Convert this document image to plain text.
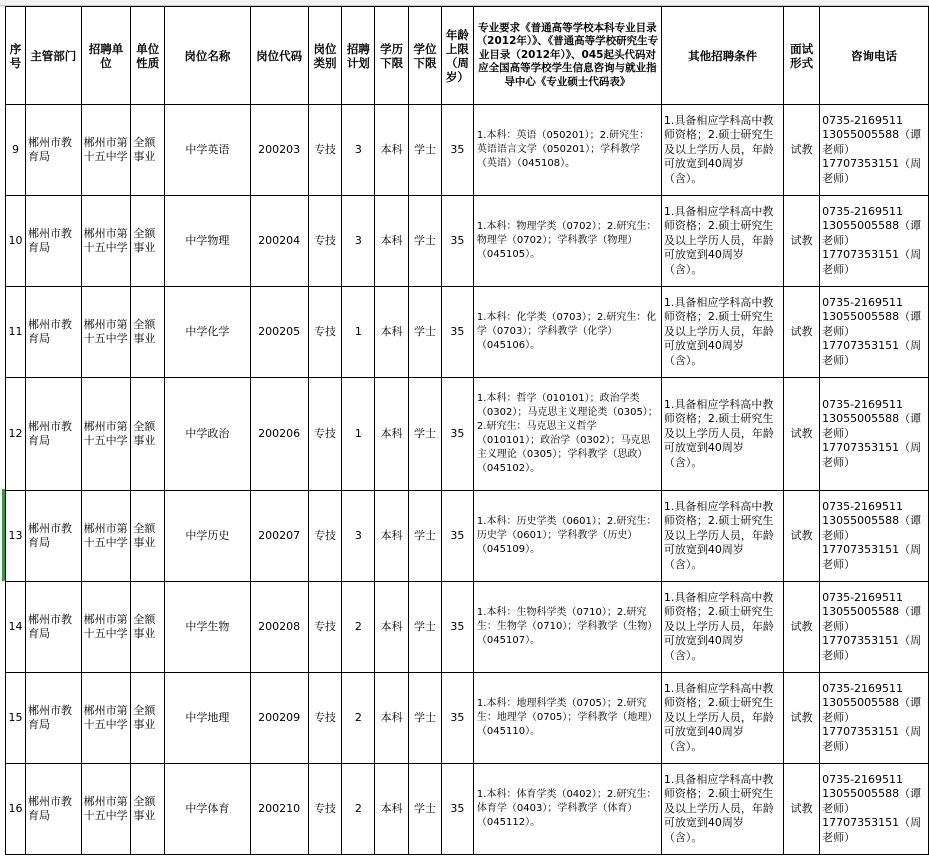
序号	主管部门	招聘单位	单位性质	岗位名称	岗位代码	岗位类别	招聘计划	学历下限	学位下限	年龄上限（周岁）	专业要求《普通高等学校本科专业目录（2012年）》、《普通高等学校研究生专业目录（2012年）》、045起头代码对应全国高等学校学生信息咨询与就业指导中心《专业硕士代码表》	其他招聘条件	面试形式	咨询电话
9	郴州市教育局	郴州市第十五中学	全额事业	中学英语	200203	专技	3	本科	学士	35	1.本科：英语（050201）；2.研究生：英语语言文学（050201）；学科教学（英语）（045108）。	1.具备相应学科高中教师资格；2.硕士研究生及以上学历人员，年龄可放宽到40周岁（含）。	试教	0735-2169511 13055005588（谭老师）17707353151（周老师）
10	郴州市教育局	郴州市第十五中学	全额事业	中学物理	200204	专技	3	本科	学士	35	1.本科：物理学类（0702）；2.研究生：物理学（0702）；学科教学（物理）（045105）。	1.具备相应学科高中教师资格；2.硕士研究生及以上学历人员，年龄可放宽到40周岁（含）。	试教	0735-2169511 13055005588（谭老师）17707353151（周老师）
11	郴州市教育局	郴州市第十五中学	全额事业	中学化学	200205	专技	1	本科	学士	35	1.本科：化学类（0703）；2.研究生：化学（0703）；学科教学（化学）（045106）。	1.具备相应学科高中教师资格；2.硕士研究生及以上学历人员，年龄可放宽到40周岁（含）。	试教	0735-2169511 13055005588（谭老师）17707353151（周老师）
12	郴州市教育局	郴州市第十五中学	全额事业	中学政治	200206	专技	1	本科	学士	35	1.本科：哲学（010101）；政治学类（0302）；马克思主义理论类（0305）；2.研究生：马克思主义哲学（010101）；政治学（0302）；马克思主义理论（0305）；学科教学（思政）（045102）。	1.具备相应学科高中教师资格；2.硕士研究生及以上学历人员，年龄可放宽到40周岁（含）。	试教	0735-2169511 13055005588（谭老师）17707353151（周老师）
13	郴州市教育局	郴州市第十五中学	全额事业	中学历史	200207	专技	3	本科	学士	35	1.本科：历史学类（0601）；2.研究生：历史学（0601）；学科教学（历史）（045109）。	1.具备相应学科高中教师资格；2.硕士研究生及以上学历人员，年龄可放宽到40周岁（含）。	试教	0735-2169511 13055005588（谭老师）17707353151（周老师）
14	郴州市教育局	郴州市第十五中学	全额事业	中学生物	200208	专技	2	本科	学士	35	1.本科：生物科学类（0710）；2.研究生：生物学（0710）；学科教学（生物）（045107）。	1.具备相应学科高中教师资格；2.硕士研究生及以上学历人员，年龄可放宽到40周岁（含）。	试教	0735-2169511 13055005588（谭老师）17707353151（周老师）
15	郴州市教育局	郴州市第十五中学	全额事业	中学地理	200209	专技	2	本科	学士	35	1.本科：地理科学类（0705）；2.研究生：地理学（0705）；学科教学（地理）（045110）。	1.具备相应学科高中教师资格；2.硕士研究生及以上学历人员，年龄可放宽到40周岁（含）。	试教	0735-2169511 13055005588（谭老师）17707353151（周老师）
16	郴州市教育局	郴州市第十五中学	全额事业	中学体育	200210	专技	2	本科	学士	35	1.本科：体育学类（0402）；2.研究生：体育学（0403）；学科教学（体育）（045112）。	1.具备相应学科高中教师资格；2.硕士研究生及以上学历人员，年龄可放宽到40周岁（含）。	试教	0735-2169511 13055005588（谭老师）17707353151（周老师）
